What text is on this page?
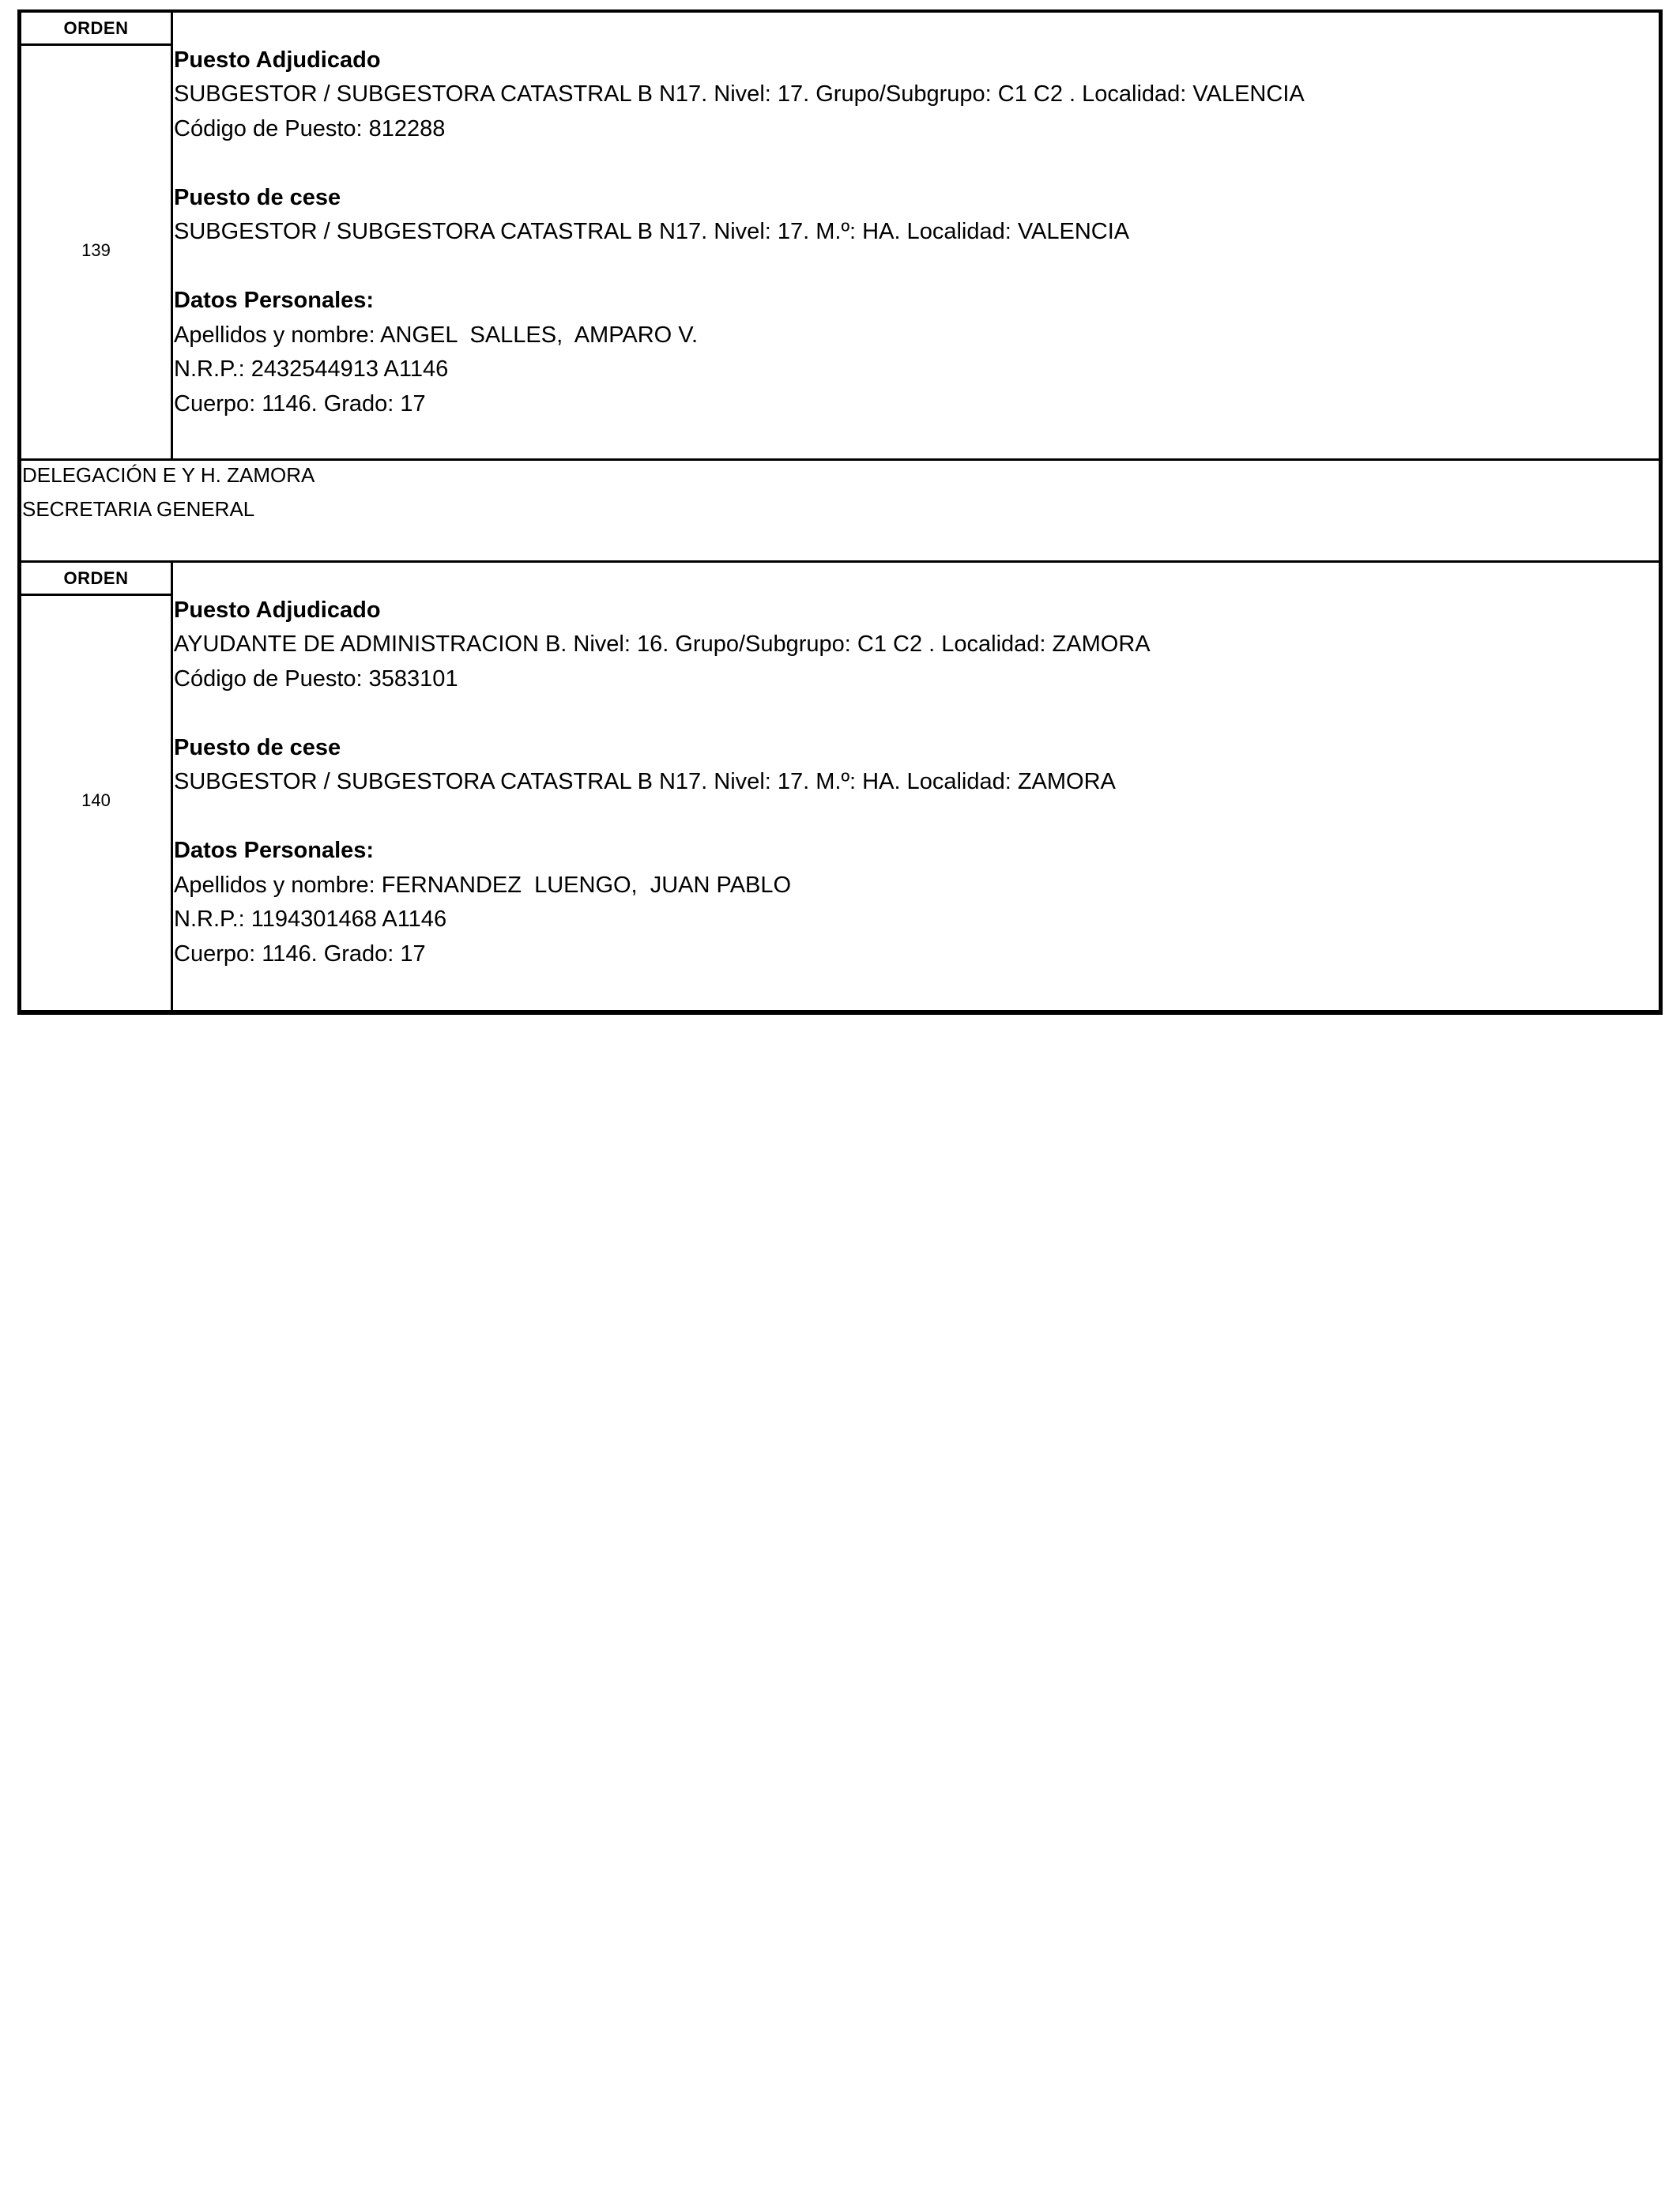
ORDEN
139
Puesto Adjudicado
SUBGESTOR / SUBGESTORA CATASTRAL B N17. Nivel: 17. Grupo/Subgrupo: C1 C2 . Localidad: VALENCIA
Código de Puesto: 812288
Puesto de cese
SUBGESTOR / SUBGESTORA CATASTRAL B N17. Nivel: 17. M.º: HA. Localidad: VALENCIA
Datos Personales:
Apellidos y nombre: ANGEL  SALLES,  AMPARO V.
N.R.P.: 2432544913 A1146
Cuerpo: 1146. Grado: 17
DELEGACIÓN E Y H. ZAMORA
SECRETARIA GENERAL
ORDEN
140
Puesto Adjudicado
AYUDANTE DE ADMINISTRACION B. Nivel: 16. Grupo/Subgrupo: C1 C2 . Localidad: ZAMORA
Código de Puesto: 3583101
Puesto de cese
SUBGESTOR / SUBGESTORA CATASTRAL B N17. Nivel: 17. M.º: HA. Localidad: ZAMORA
Datos Personales:
Apellidos y nombre: FERNANDEZ  LUENGO,  JUAN PABLO
N.R.P.: 1194301468 A1146
Cuerpo: 1146. Grado: 17
